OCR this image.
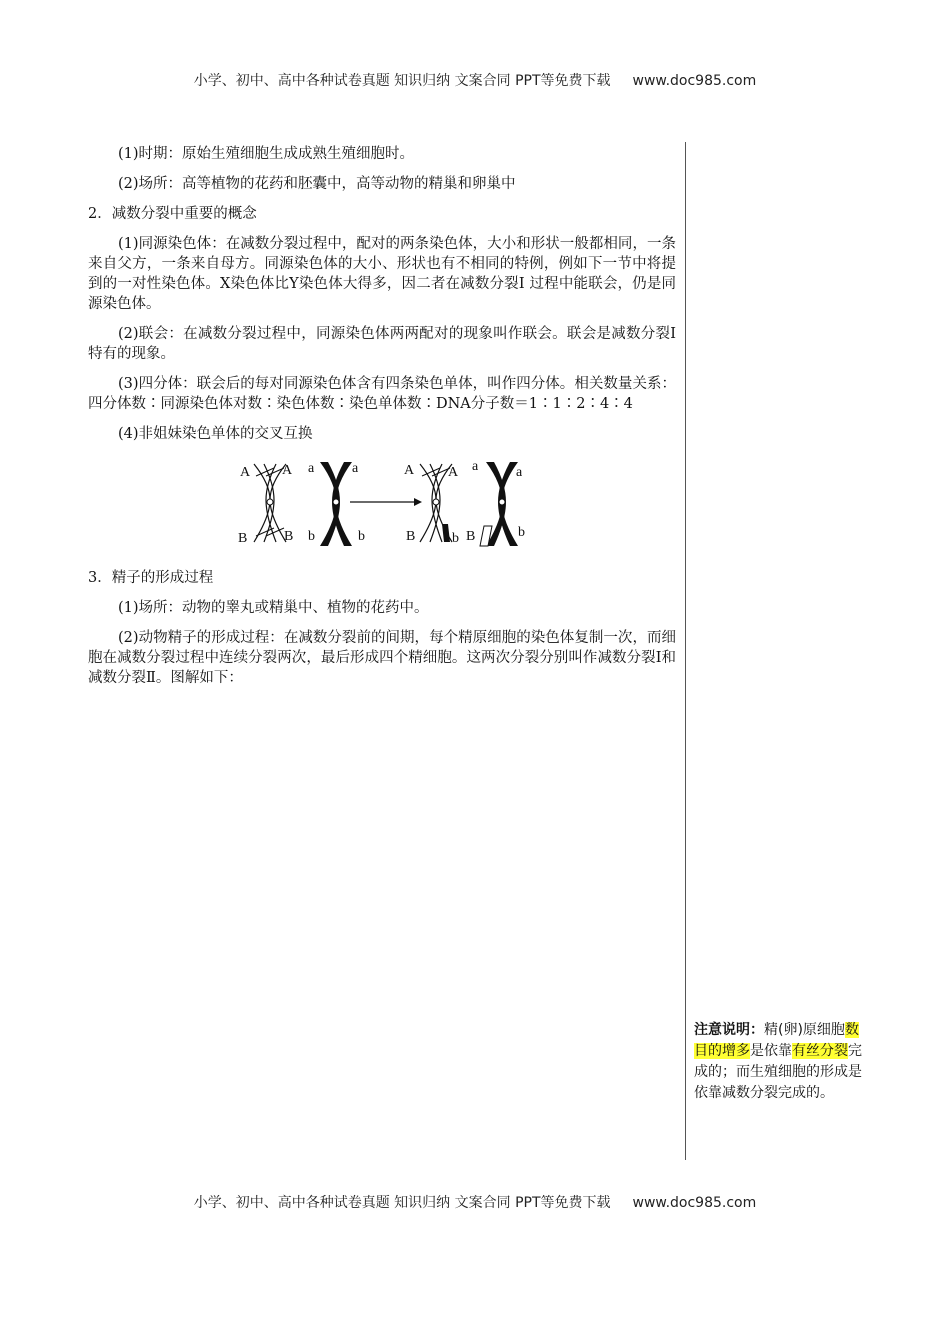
小学、初中、高中各种试卷真题 知识归纳 文案合同 PPT等免费下载 www.doc985.com

(1)时期：原始生殖细胞生成成熟生殖细胞时。

(2)场所：高等植物的花药和胚囊中，高等动物的精巢和卵巢中

2．减数分裂中重要的概念

(1)同源染色体：在减数分裂过程中，配对的两条染色体，大小和形状一般都相同，一条来自父方，一条来自母方。同源染色体的大小、形状也有不相同的特例，例如下一节中将提到的一对性染色体。X染色体比Y染色体大得多，因二者在减数分裂Ⅰ 过程中能联会，仍是同源染色体。

(2)联会：在减数分裂过程中，同源染色体两两配对的现象叫作联会。联会是减数分裂Ⅰ特有的现象。

(3)四分体：联会后的每对同源染色体含有四条染色单体，叫作四分体。相关数量关系：四分体数∶同源染色体对数∶染色体数∶染色单体数∶DNA分子数＝1∶1∶2∶4∶4

(4)非姐妹染色单体的交叉互换

A A
B	B
a	a
b	b
A A
B	b
a	a
B	b

3．精子的形成过程

(1)场所：动物的睾丸或精巢中、植物的花药中。

(2)动物精子的形成过程：在减数分裂前的间期，每个精原细胞的染色体复制一次，而细胞在减数分裂过程中连续分裂两次，最后形成四个精细胞。这两次分裂分别叫作减数分裂Ⅰ和减数分裂Ⅱ。图解如下：

注意说明：精(卵)原细胞数目的增多是依靠有丝分裂完成的；而生殖细胞的形成是依靠减数分裂完成的。
小学、初中、高中各种试卷真题 知识归纳 文案合同 PPT等免费下载 www.doc985.com
